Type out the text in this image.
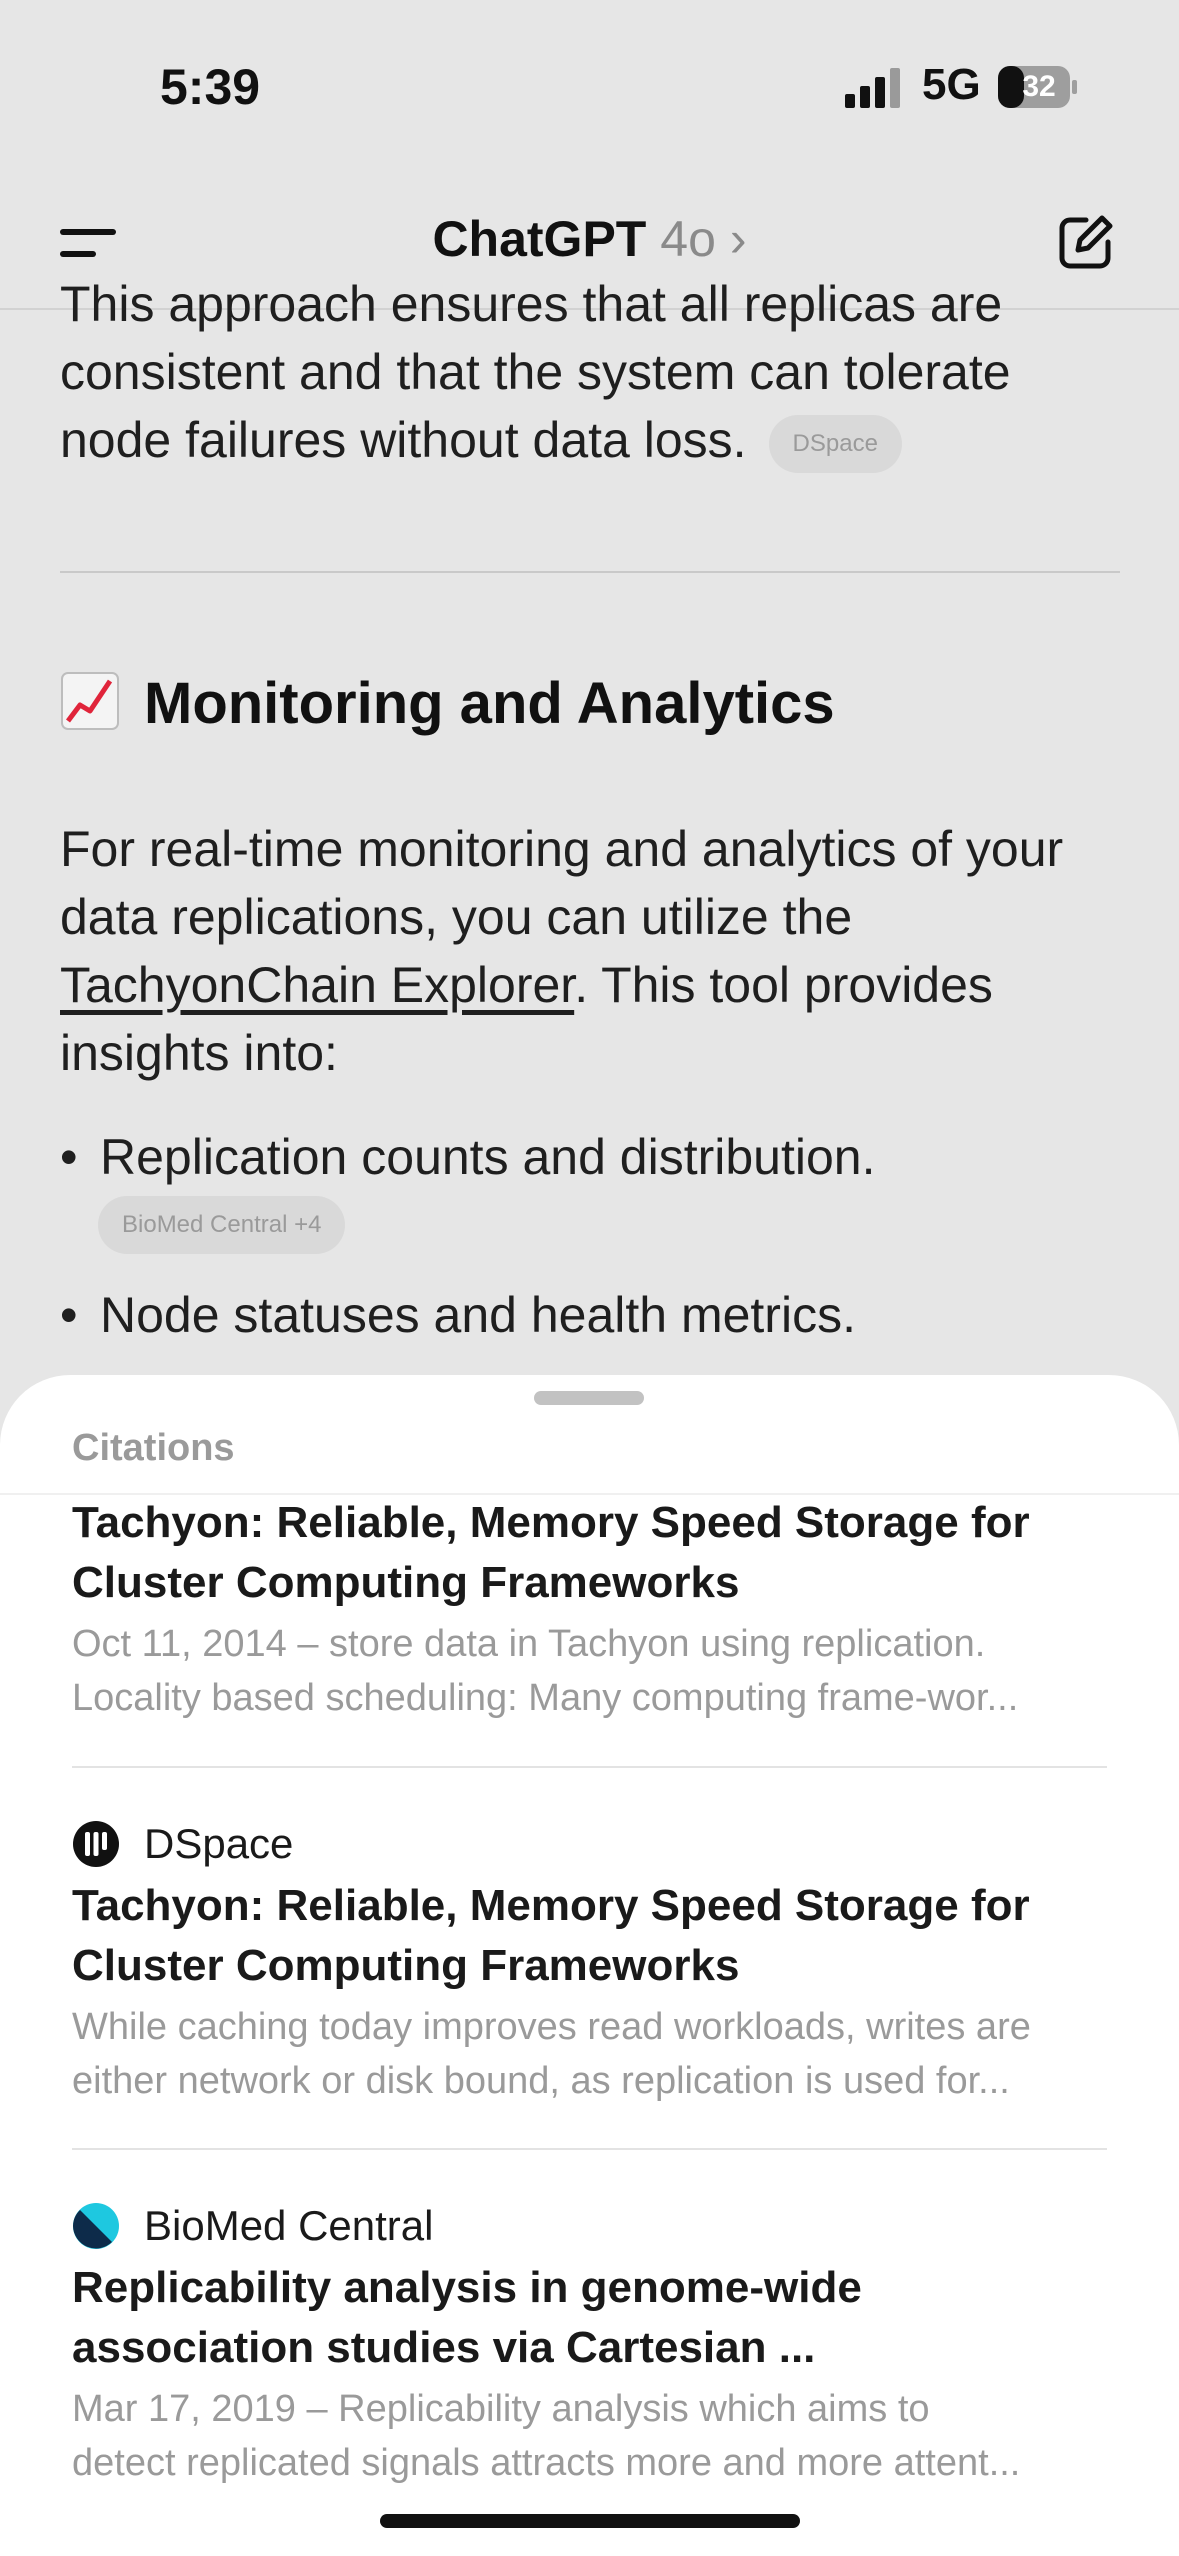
5:39	5G	32
ChatGPT 4o ›
This approach ensures that all replicas are
consistent and that the system can tolerate
node failures without data loss. DSpace
Monitoring and Analytics
For real-time monitoring and analytics of your
data replications, you can utilize the
TachyonChain Explorer. This tool provides
insights into:
• Replication counts and distribution.
BioMed Central +4
• Node statuses and health metrics.
Citations
Tachyon: Reliable, Memory Speed Storage for
Cluster Computing Frameworks
Oct 11, 2014 – store data in Tachyon using replication.
Locality based scheduling: Many computing frame-wor...
DSpace
Tachyon: Reliable, Memory Speed Storage for
Cluster Computing Frameworks
While caching today improves read workloads, writes are
either network or disk bound, as replication is used for...
BioMed Central
Replicability analysis in genome-wide
association studies via Cartesian ...
Mar 17, 2019 – Replicability analysis which aims to
detect replicated signals attracts more and more attent...
